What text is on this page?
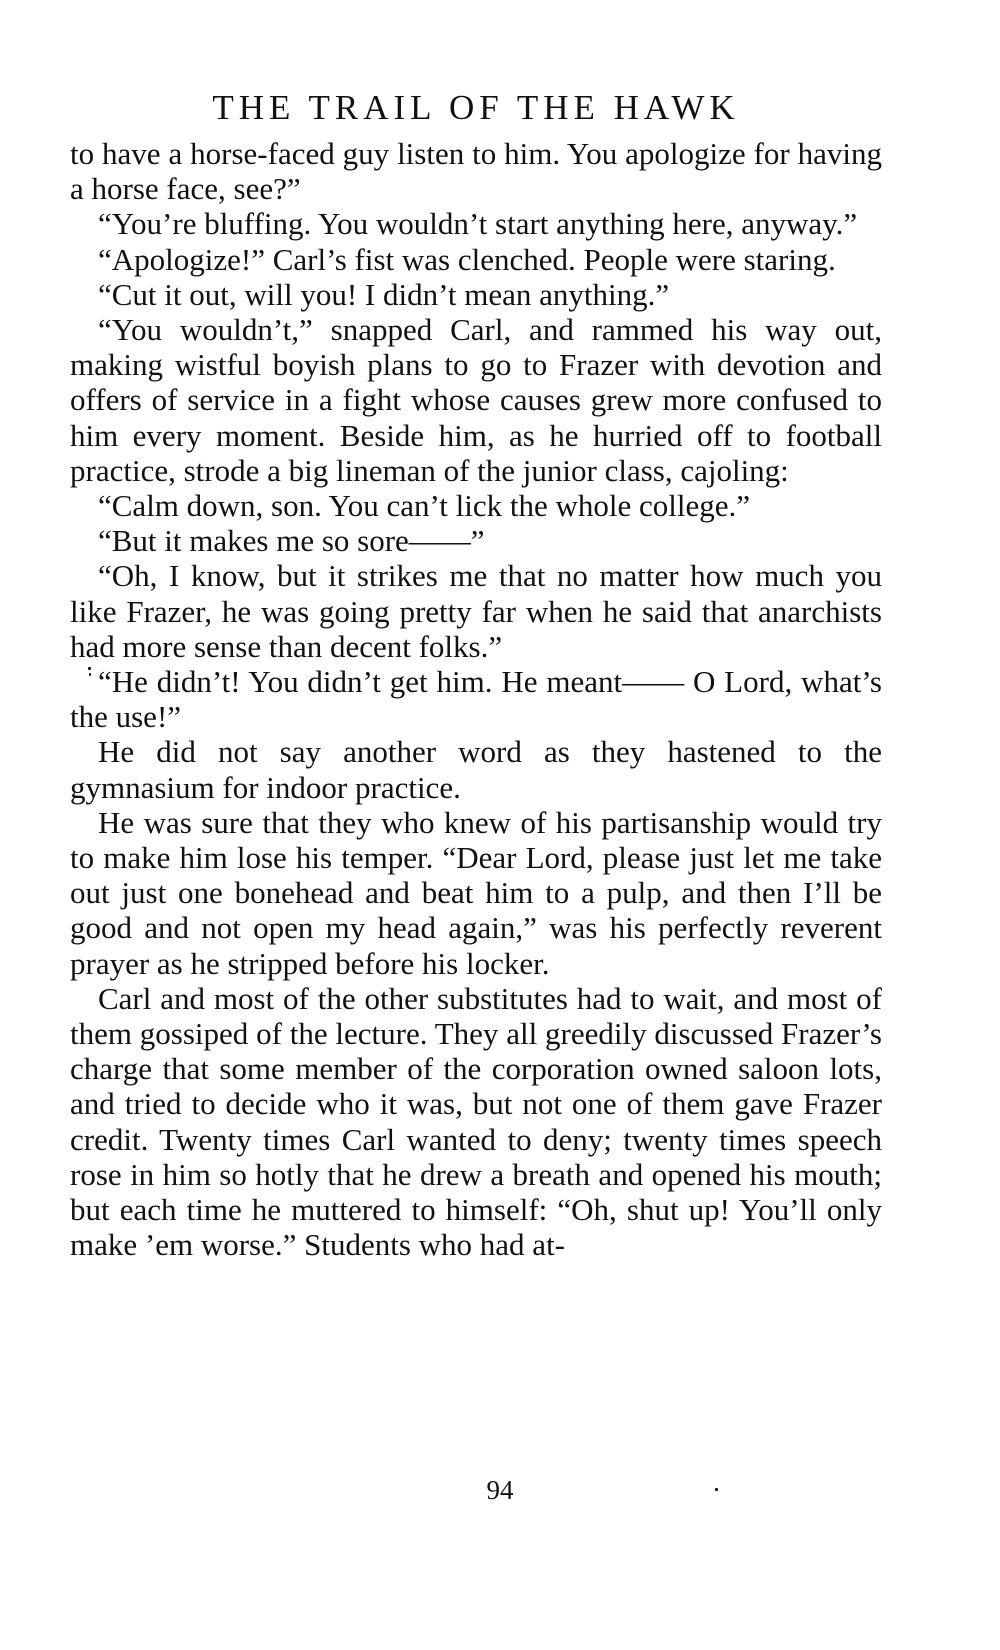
THE TRAIL OF THE HAWK

to have a horse-faced guy listen to him. You apologize for having a horse face, see?”

“You’re bluffing. You wouldn’t start anything here, anyway.”

“Apologize!” Carl’s fist was clenched. People were staring.

“Cut it out, will you! I didn’t mean anything.”

“You wouldn’t,” snapped Carl, and rammed his way out, making wistful boyish plans to go to Frazer with devotion and offers of service in a fight whose causes grew more confused to him every moment. Beside him, as he hurried off to football practice, strode a big lineman of the junior class, cajoling:

“Calm down, son. You can’t lick the whole college.”

“But it makes me so sore——”

“Oh, I know, but it strikes me that no matter how much you like Frazer, he was going pretty far when he said that anarchists had more sense than decent folks.”

“He didn’t! You didn’t get him. He meant—— O Lord, what’s the use!”

He did not say another word as they hastened to the gymnasium for indoor practice.

He was sure that they who knew of his partisanship would try to make him lose his temper. “Dear Lord, please just let me take out just one bonehead and beat him to a pulp, and then I’ll be good and not open my head again,” was his perfectly reverent prayer as he stripped before his locker.

Carl and most of the other substitutes had to wait, and most of them gossiped of the lecture. They all greedily discussed Frazer’s charge that some member of the corporation owned saloon lots, and tried to decide who it was, but not one of them gave Frazer credit. Twenty times Carl wanted to deny; twenty times speech rose in him so hotly that he drew a breath and opened his mouth; but each time he muttered to himself: “Oh, shut up! You’ll only make ’em worse.” Students who had at-

94
